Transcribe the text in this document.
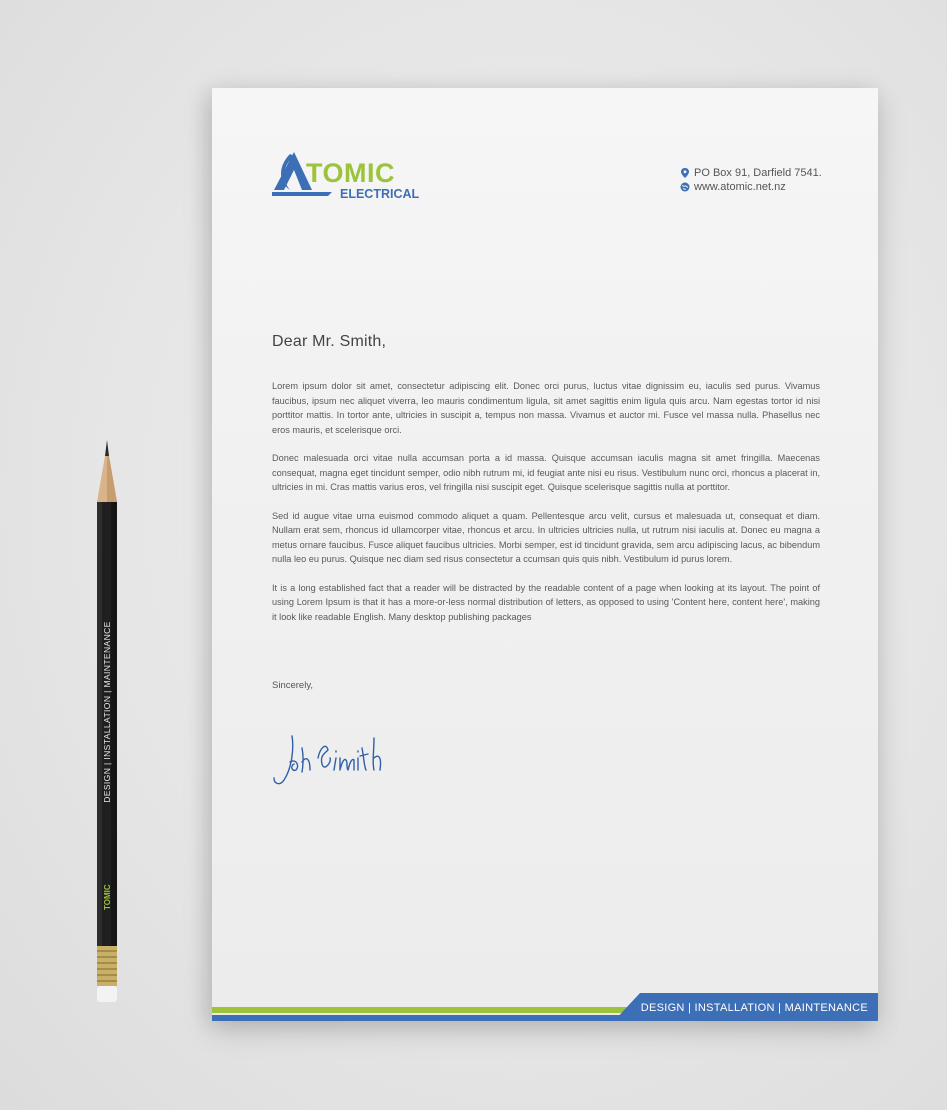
TOMIC
DESIGN | INSTALLATION | MAINTENANCE
TOMIC
ELECTRICAL
PO Box 91, Darfield 7541.
www.atomic.net.nz
Dear Mr. Smith,

Lorem ipsum dolor sit amet, consectetur adipiscing elit. Donec orci purus, luctus vitae dignissim eu, iaculis sed purus. Vivamus faucibus, ipsum nec aliquet viverra, leo mauris condimentum ligula, sit amet sagittis enim ligula quis arcu. Nam egestas tortor id nisi porttitor mattis. In tortor ante, ultricies in suscipit a, tempus non massa. Vivamus et auctor mi. Fusce vel massa nulla. Phasellus nec eros mauris, et scelerisque orci.

Donec malesuada orci vitae nulla accumsan porta a id massa. Quisque accumsan iaculis magna sit amet fringilla. Maecenas consequat, magna eget tincidunt semper, odio nibh rutrum mi, id feugiat ante nisi eu risus. Vestibulum nunc orci, rhoncus a placerat in, ultricies in mi. Cras mattis varius eros, vel fringilla nisi suscipit eget. Quisque scelerisque sagittis nulla at porttitor.

Sed id augue vitae urna euismod commodo aliquet a quam. Pellentesque arcu velit, cursus et malesuada ut, consequat et diam. Nullam erat sem, rhoncus id ullamcorper vitae, rhoncus et arcu. In ultricies ultricies nulla, ut rutrum nisi iaculis at. Donec eu magna a metus ornare faucibus. Fusce aliquet faucibus ultricies. Morbi semper, est id tincidunt gravida, sem arcu adipiscing lacus, ac bibendum nulla leo eu purus. Quisque nec diam sed risus consectetur a ccumsan quis quis nibh. Vestibulum id purus lorem.

It is a long established fact that a reader will be distracted by the readable content of a page when looking at its layout. The point of using Lorem Ipsum is that it has a more-or-less normal distribution of letters, as opposed to using 'Content here, content here', making it look like readable English. Many desktop publishing packages

Sincerely,
DESIGN | INSTALLATION | MAINTENANCE
